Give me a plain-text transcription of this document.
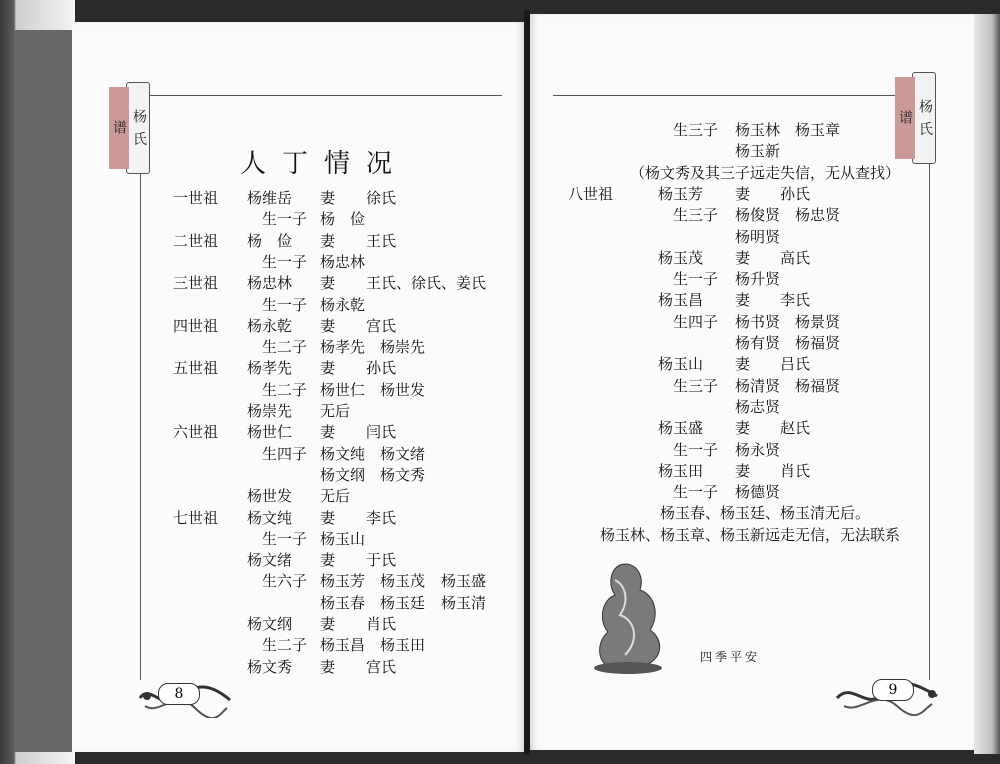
杨 氏
谱
杨 氏
谱
人丁情况
一世祖 杨维岳 妻 徐氏
生一子 杨　俭
二世祖 杨　俭 妻 王氏
生一子 杨忠林
三世祖 杨忠林 妻 王氏、徐氏、姜氏
生一子 杨永乾
四世祖 杨永乾 妻 宫氏
生二子 杨孝先 杨崇先
五世祖 杨孝先 妻 孙氏
生二子 杨世仁 杨世发
杨崇先 无后
六世祖 杨世仁 妻 闫氏
生四子 杨文纯 杨文绪
杨文纲 杨文秀
杨世发 无后
七世祖 杨文纯 妻 李氏
生一子 杨玉山
杨文绪 妻 于氏
生六子 杨玉芳 杨玉茂 杨玉盛
杨玉春 杨玉廷 杨玉清
杨文纲 妻 肖氏
生二子 杨玉昌 杨玉田
杨文秀 妻 宫氏
生三子 杨玉林 杨玉章
杨玉新
（杨文秀及其三子远走失信，无从查找）
八世祖	杨玉芳 妻 孙氏
生三子 杨俊贤 杨忠贤
杨明贤
杨玉茂 妻 高氏
生一子 杨升贤
杨玉昌 妻 李氏
生四子 杨书贤 杨景贤
杨有贤 杨福贤
杨玉山 妻 吕氏
生三子 杨清贤 杨福贤
杨志贤
杨玉盛 妻 赵氏
生一子 杨永贤
杨玉田 妻 肖氏
生一子 杨德贤
杨玉春、杨玉廷、杨玉清无后。
杨玉林、杨玉章、杨玉新远走无信，无法联系
8	9
四季平安
